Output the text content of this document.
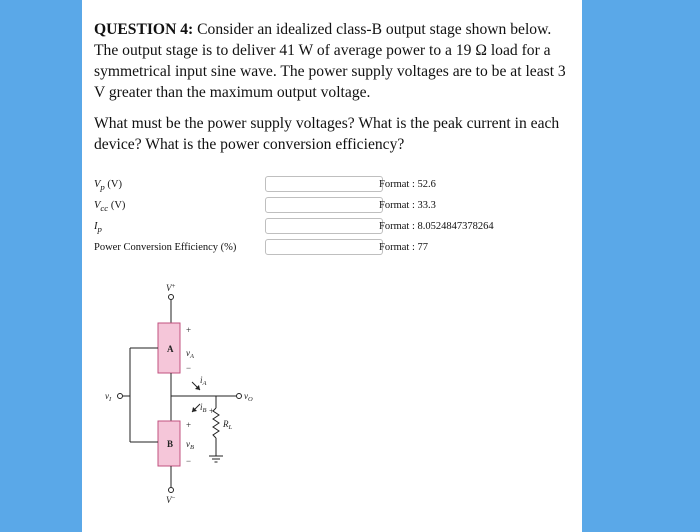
QUESTION 4: Consider an idealized class-B output stage shown below. The output stage is to deliver 41 W of average power to a 19 Ω load for a symmetrical input sine wave. The power supply voltages are to be at least 3 V greater than the maximum output voltage.

What must be the power supply voltages? What is the peak current in each device? What is the power conversion efficiency?

$V_p$ (V)	Format : 52.6
$V_{cc}$ (V)	Format : 33.3
$I_p$	Format : 8.0524847378264
Power Conversion Efficiency (%)	Format : 77
V+
V−
A
B
+
−
$v_A$
+
−
$v_B$
$i_A$
$i_B$
$v_I$	$v_O$
$R_L$
+
